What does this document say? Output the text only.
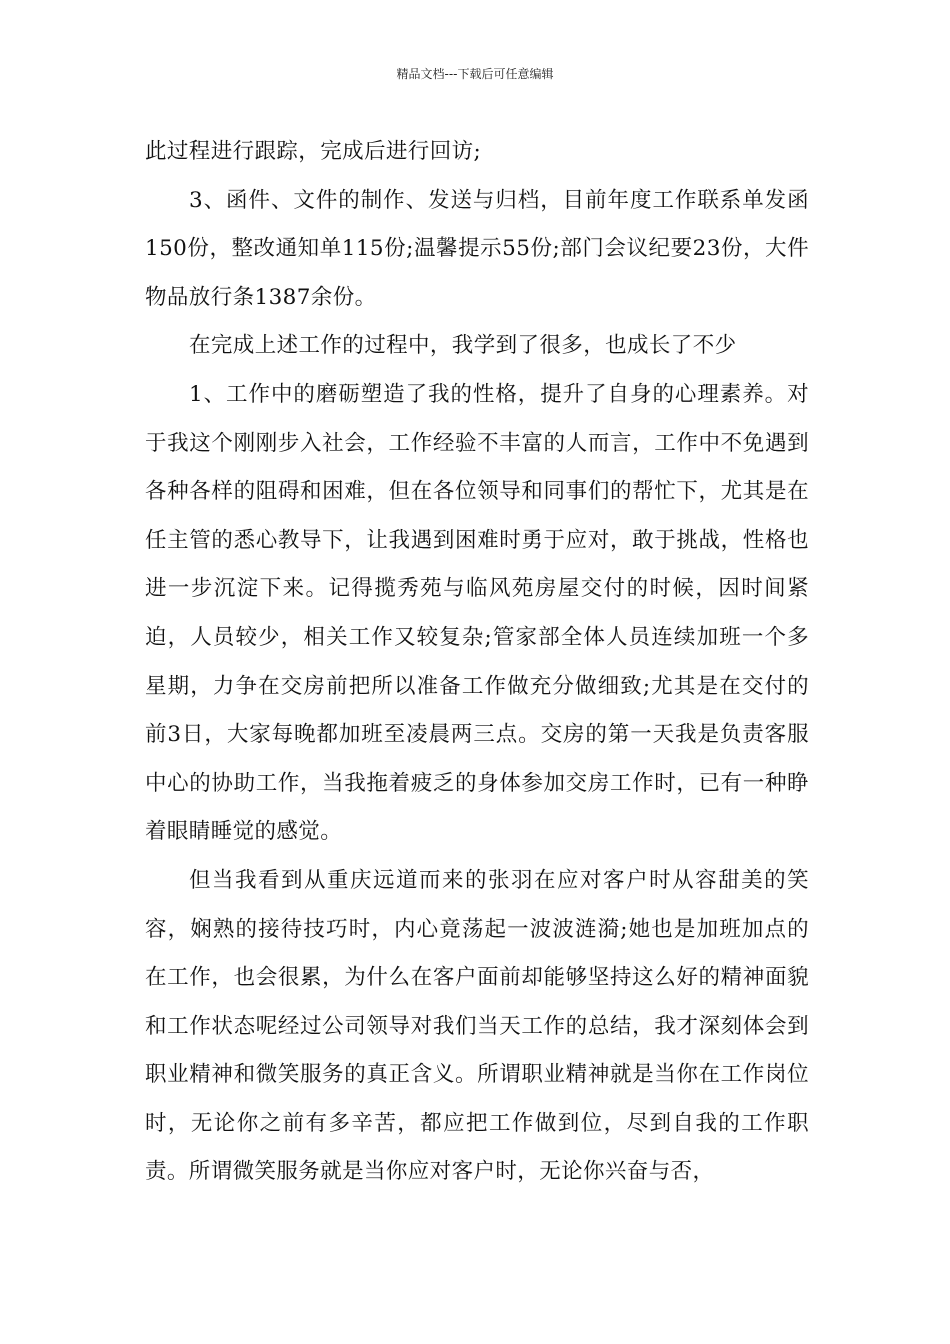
精品文档---下载后可任意编辑

此过程进行跟踪，完成后进行回访;

3、函件、文件的制作、发送与归档，目前年度工作联系单发函150份，整改通知单115份;温馨提示55份;部门会议纪要23份，大件物品放行条1387余份。

在完成上述工作的过程中，我学到了很多，也成长了不少

1、工作中的磨砺塑造了我的性格，提升了自身的心理素养。对于我这个刚刚步入社会，工作经验不丰富的人而言，工作中不免遇到各种各样的阻碍和困难，但在各位领导和同事们的帮忙下，尤其是在任主管的悉心教导下，让我遇到困难时勇于应对，敢于挑战，性格也进一步沉淀下来。记得揽秀苑与临风苑房屋交付的时候，因时间紧迫，人员较少，相关工作又较复杂;管家部全体人员连续加班一个多星期，力争在交房前把所以准备工作做充分做细致;尤其是在交付的前3日，大家每晚都加班至凌晨两三点。交房的第一天我是负责客服中心的协助工作，当我拖着疲乏的身体参加交房工作时，已有一种睁着眼睛睡觉的感觉。

但当我看到从重庆远道而来的张羽在应对客户时从容甜美的笑容，娴熟的接待技巧时，内心竟荡起一波波涟漪;她也是加班加点的在工作，也会很累，为什么在客户面前却能够坚持这么好的精神面貌和工作状态呢经过公司领导对我们当天工作的总结，我才深刻体会到职业精神和微笑服务的真正含义。所谓职业精神就是当你在工作岗位时，无论你之前有多辛苦，都应把工作做到位，尽到自我的工作职责。所谓微笑服务就是当你应对客户时，无论你兴奋与否，
